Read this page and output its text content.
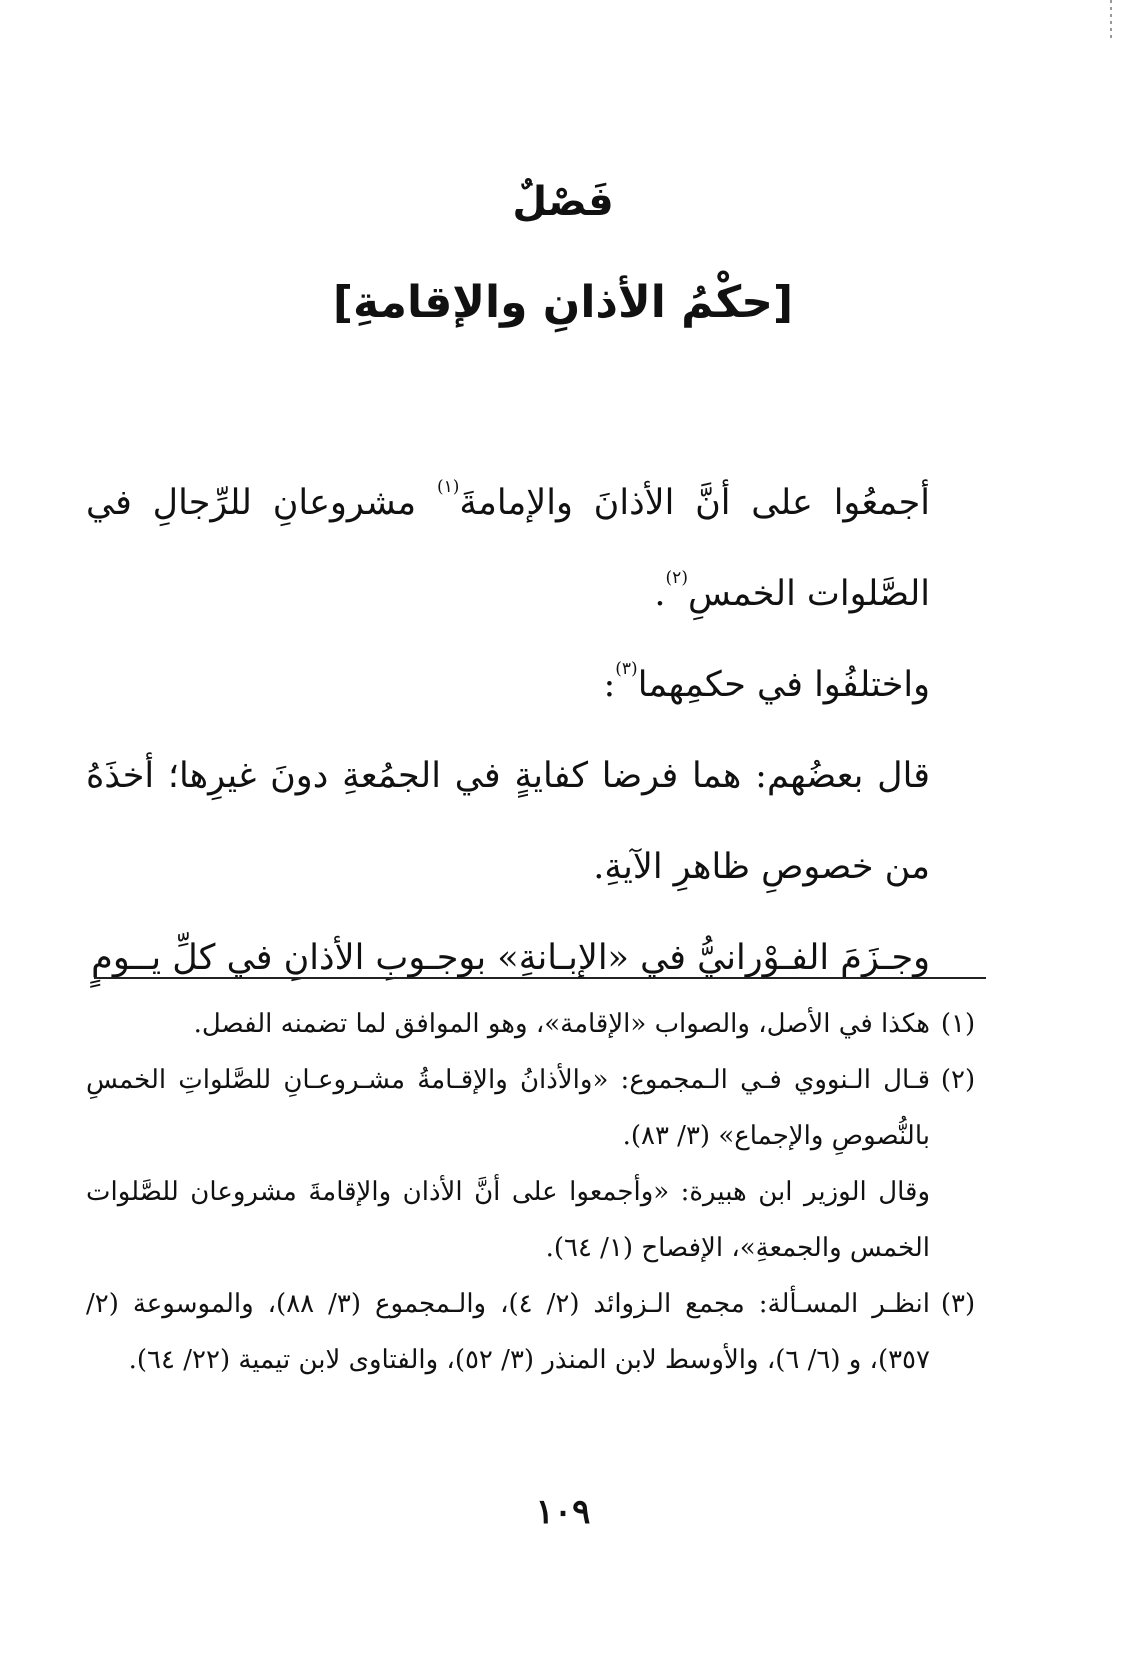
فَصْلٌ
[حكْمُ الأذانِ والإقامةِ]

أجمعُوا على أنَّ الأذانَ والإمامةَ$^{(١)}$ مشروعانِ للرِّجالِ في الصَّلوات الخمسِ$^{(٢)}$.

واختلفُوا في حكمِهما$^{(٣)}$:

قال بعضُهم: هما فرضا كفايةٍ في الجمُعةِ دونَ غيرِها؛ أخذَهُ من خصوصِ ظاهرِ الآيةِ.

وجـزَمَ الفـوْرانيُّ في «الإبـانةِ» بوجـوبِ الأذانِ في كلِّ يــومٍ

(١)
هكذا في الأصل، والصواب «الإقامة»، وهو الموافق لما تضمنه الفصل.
(٢)
قـال الـنووي فـي الـمجموع: «والأذانُ والإقـامةُ مشـروعـانِ للصَّلواتِ الخمسِ بالنُّصوصِ والإجماع» (٣/ ٨٣).
وقال الوزير ابن هبيرة: «وأجمعوا على أنَّ الأذان والإقامةَ مشروعان للصَّلوات الخمس والجمعةِ»، الإفصاح (١/ ٦٤).
(٣)
انظـر المسـألة: مجمع الـزوائد (٢/ ٤)، والـمجموع (٣/ ٨٨)، والموسوعة (٢/ ٣٥٧)، و (٦/ ٦)، والأوسط لابن المنذر (٣/ ٥٢)، والفتاوى لابن تيمية (٢٢/ ٦٤).
١٠٩
